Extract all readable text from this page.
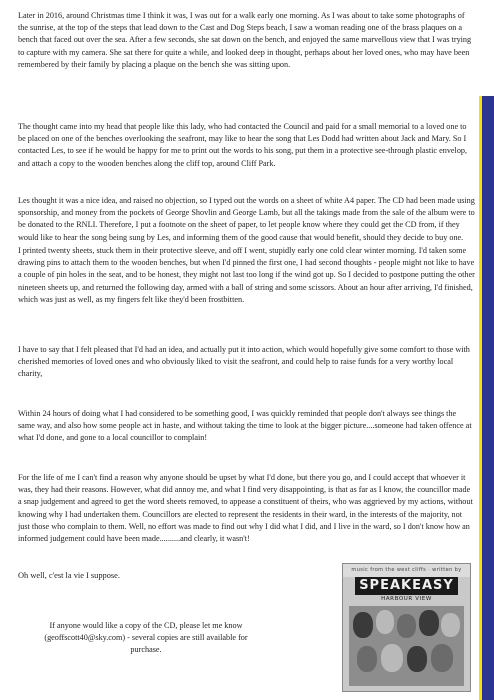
Later in 2016, around Christmas time I think it was, I was out for a walk early one morning. As I was about to take some photographs of the sunrise, at the top of the steps that lead down to the Cast and Dog Steps beach, I saw a woman reading one of the brass plaques on a bench that faced out over the sea. After a few seconds, she sat down on the bench, and enjoyed the same marvellous view that I was trying to capture with my camera. She sat there for quite a while, and looked deep in thought, perhaps about her loved ones, who may have been remembered by their family by placing a plaque on the bench she was sitting upon.

The thought came into my head that people like this lady, who had contacted the Council and paid for a small memorial to a loved one to be placed on one of the benches overlooking the seafront, may like to hear the song that Les Dodd had written about Jack and Mary. So I contacted Les, to see if he would be happy for me to print out the words to his song, put them in a protective see-through plastic envelop, and attach a copy to the wooden benches along the cliff top, around Cliff Park.

Les thought it was a nice idea, and raised no objection, so I typed out the words on a sheet of white A4 paper. The CD had been made using sponsorship, and money from the pockets of George Shovlin and George Lamb, but all the takings made from the sale of the album were to be donated to the RNLI. Therefore, I put a footnote on the sheet of paper, to let people know where they could get the CD from, if they would like to hear the song being sung by Les, and informing them of the good cause that would benefit, should they decide to buy one.

I printed twenty sheets, stuck them in their protective sleeve, and off I went, stupidly early one cold clear winter morning. I'd taken some drawing pins to attach them to the wooden benches, but when I'd pinned the first one, I had second thoughts - people might not like to have a couple of pin holes in the seat, and to be honest, they might not last too long if the wind got up. So I decided to postpone putting the other nineteen sheets up, and returned the following day, armed with a ball of string and some scissors. About an hour after arriving, I'd finished, which was just as well, as my fingers felt like they'd been frostbitten.

I have to say that I felt pleased that I'd had an idea, and actually put it into action, which would hopefully give some comfort to those with cherished memories of loved ones and who obviously liked to visit the seafront, and could help to raise funds for a very worthy local charity,

Within 24 hours of doing what I had considered to be something good, I was quickly reminded that people don't always see things the same way, and also how some people act in haste, and without taking the time to look at the bigger picture....someone had taken offence at what I'd done, and gone to a local councillor to complain!

For the life of me I can't find a reason why anyone should be upset by what I'd done, but there you go, and I could accept that whoever it was, they had their reasons. However, what did annoy me, and what I find very disappointing, is that as far as I know, the councillor made a snap judgement and agreed to get the word sheets removed, to appease a constituent of theirs, who was aggrieved by my actions, without knowing why I had undertaken them. Councillors are elected to represent the residents in their ward, in the interests of the majority, not just those who complain to them. Well, no effort was made to find out why I did what I did, and I live in the ward, so I don't know how an informed judgement could have been made..........and clearly, it wasn't!

Oh well, c'est la vie I suppose.

If anyone would like a copy of the CD, please let me know (geoffscott40@sky.com) - several copies are still available for purchase.

music from the west cliffs · written by
SPEAKEASY
HARBOUR VIEW
